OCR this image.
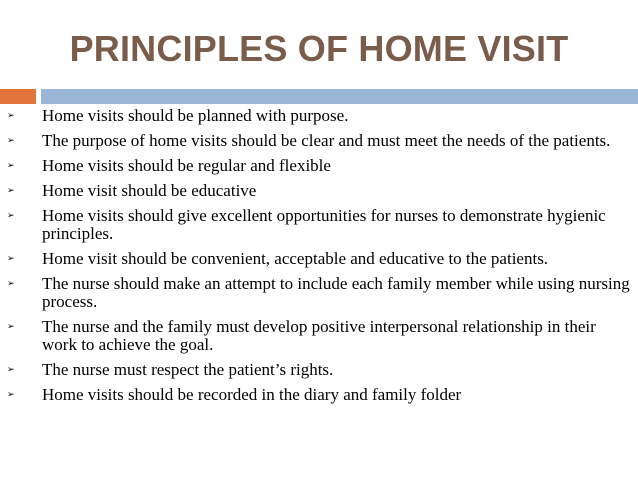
PRINCIPLES OF HOME VISIT
➢ Home visits should be planned with purpose.
➢ The purpose of home visits should be clear and must meet the needs of the patients.
➢ Home visits should be regular and flexible
➢ Home visit should be educative
➢ Home visits should give excellent opportunities for nurses to demonstrate hygienic principles.
➢ Home visit should be convenient, acceptable and educative to the patients.
➢ The nurse should make an attempt to include each family member while using nursing process.
➢ The nurse and the family must develop positive interpersonal relationship in their work to achieve the goal.
➢ The nurse must respect the patient’s rights.
➢ Home visits should be recorded in the diary and family folder
